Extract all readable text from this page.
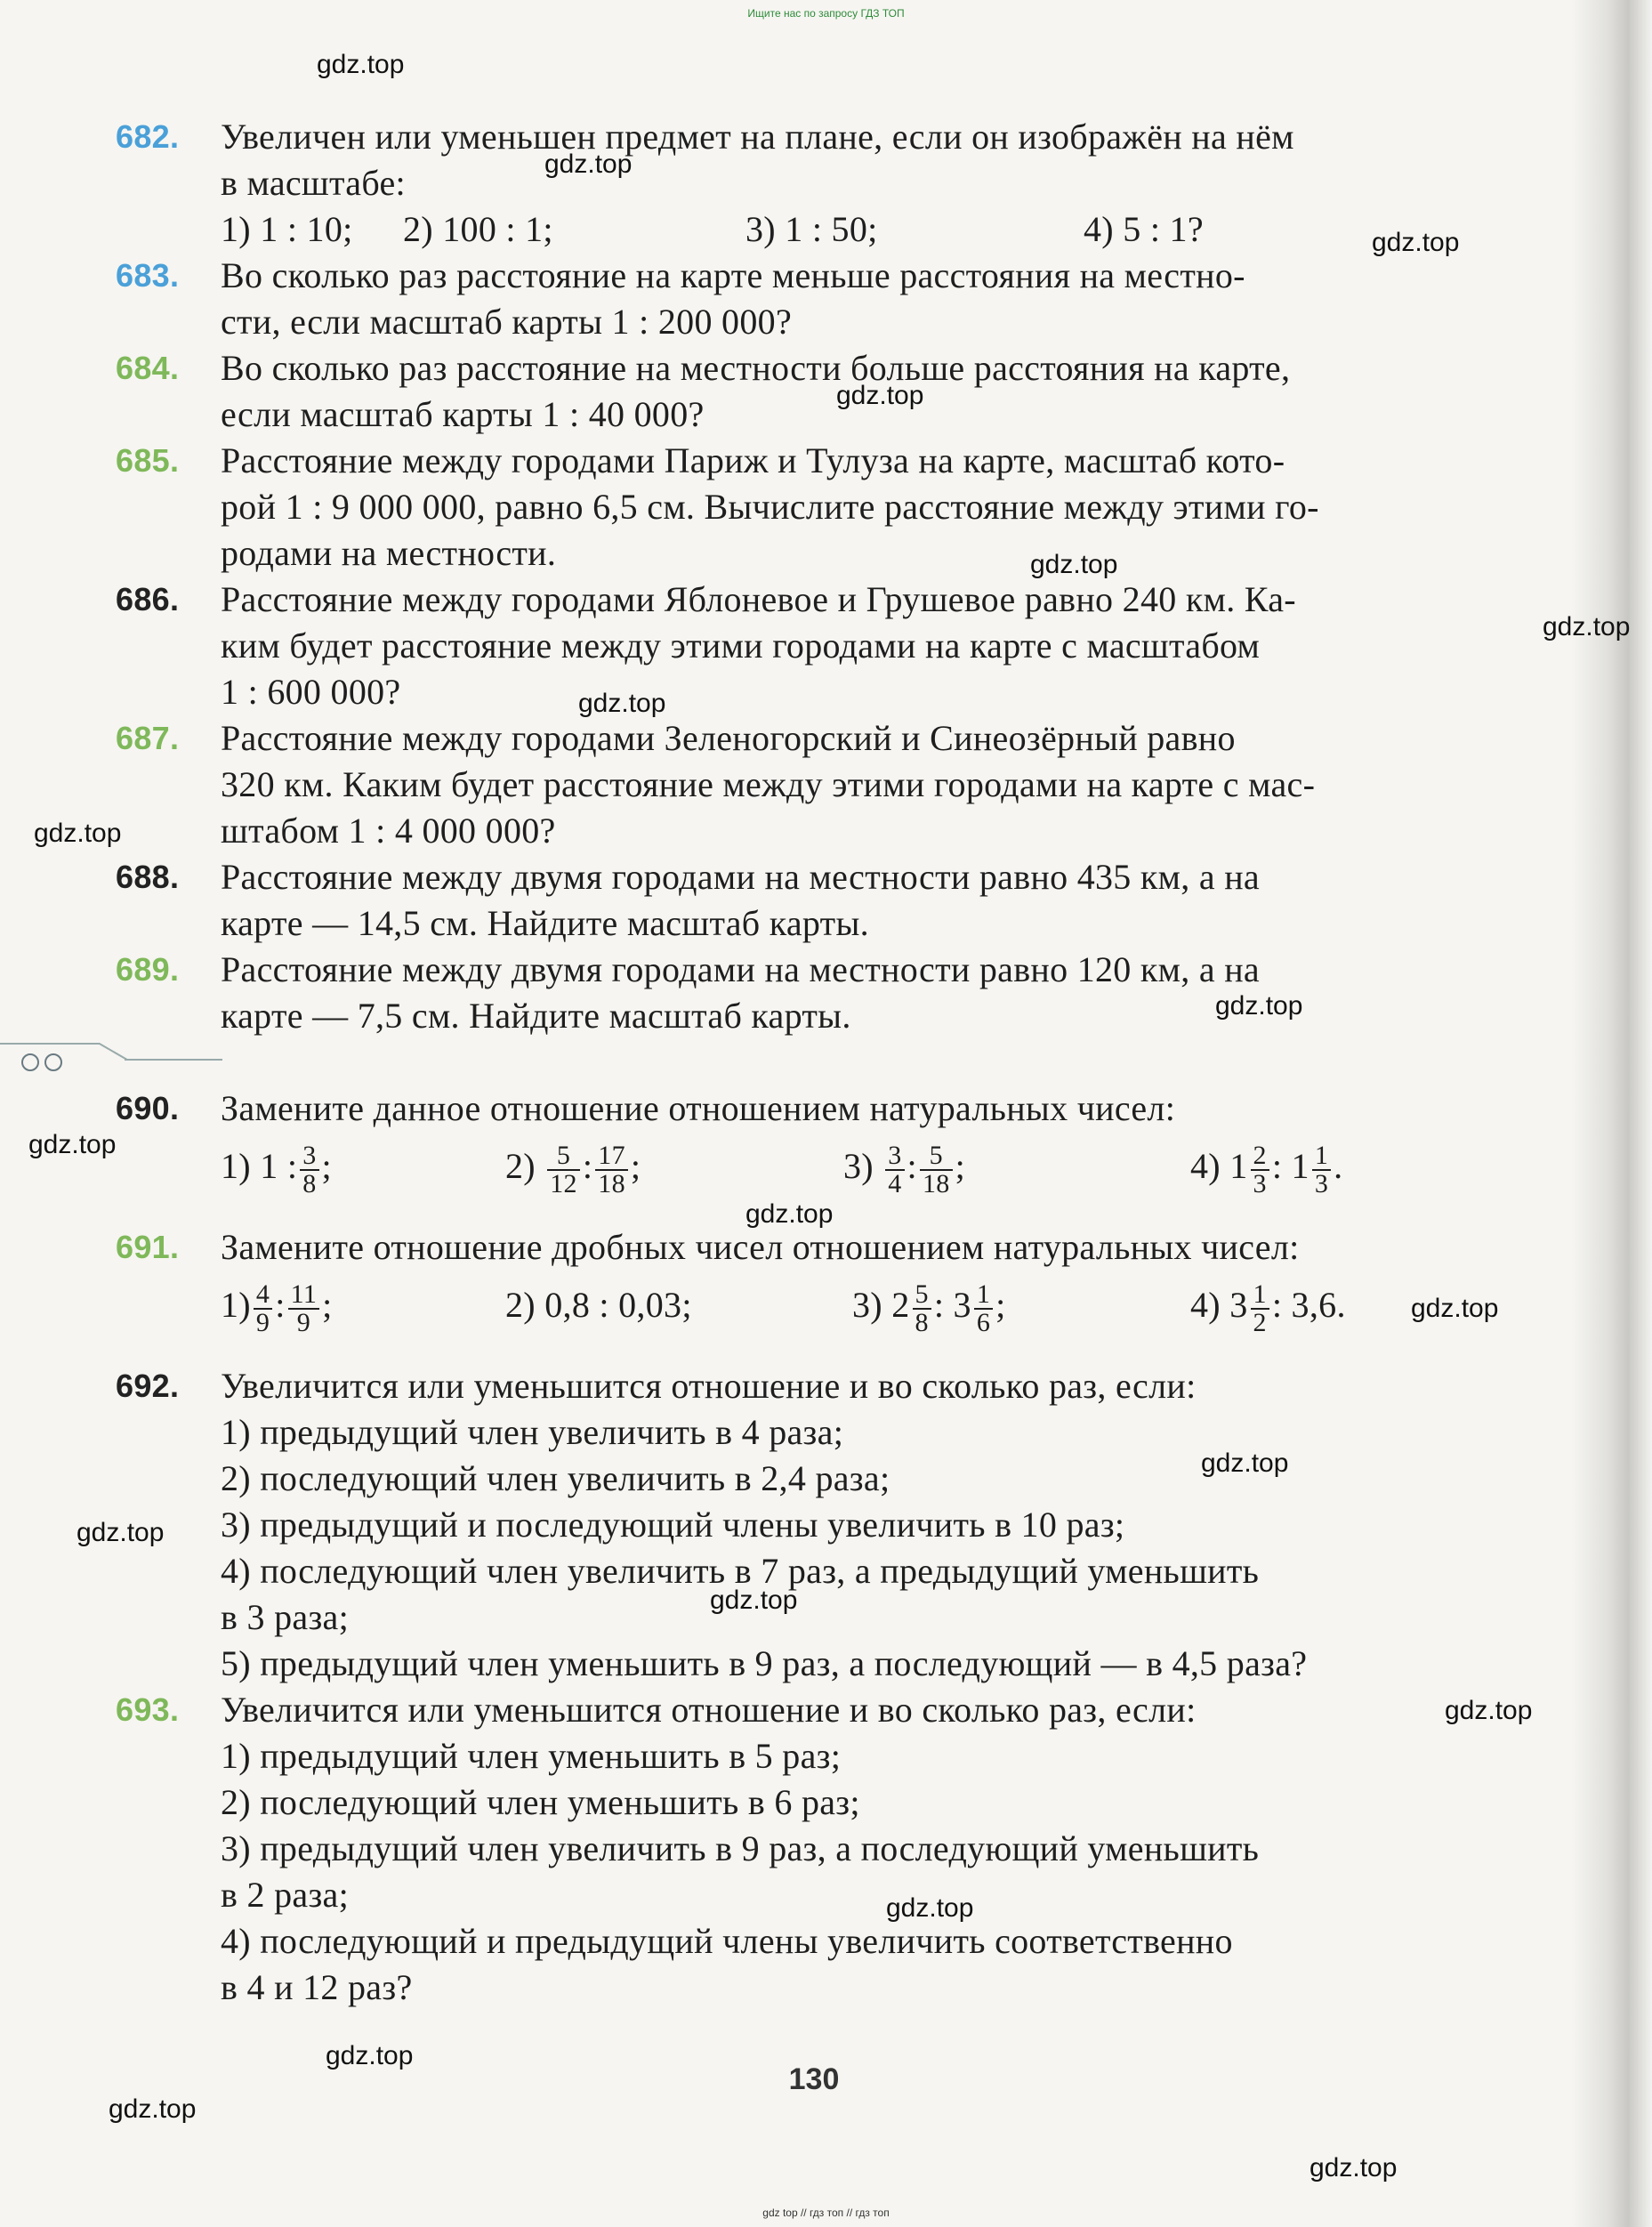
Ищите нас по запросу ГДЗ ТОП
gdz.top
gdz.top
gdz.top
gdz.top
gdz.top
gdz.top
gdz.top
gdz.top
gdz.top
gdz.top
gdz.top
gdz.top
gdz.top
gdz.top
gdz.top
gdz.top
gdz.top
gdz.top
gdz.top
gdz.top
682. Увеличен или уменьшен предмет на плане, если он изображён на нём
в масштабе:
1) 1 : 10; 2) 100 : 1;	3) 1 : 50;	4) 5 : 1?
683. Во сколько раз расстояние на карте меньше расстояния на местно-
сти, если масштаб карты 1 : 200 000?
684. Во сколько раз расстояние на местности больше расстояния на карте,
если масштаб карты 1 : 40 000?
685. Расстояние между городами Париж и Тулуза на карте, масштаб кото-
рой 1 : 9 000 000, равно 6,5 см. Вычислите расстояние между этими го-
родами на местности.
686. Расстояние между городами Яблоневое и Грушевое равно 240 км. Ка-
ким будет расстояние между этими городами на карте с масштабом
1 : 600 000?
687. Расстояние между городами Зеленогорский и Синеозёрный равно
320 км. Каким будет расстояние между этими городами на карте с мас-
штабом 1 : 4 000 000?
688. Расстояние между двумя городами на местности равно 435 км, а на
карте — 14,5 см. Найдите масштаб карты.
689. Расстояние между двумя городами на местности равно 120 км, а на
карте — 7,5 см. Найдите масштаб карты.
690. Замените данное отношение отношением натуральных чисел:
1) 1 : $\frac{3}{8}$ ;	$2) \frac{5}{12}$ : $\frac{17}{18}$ ;	$3) \frac{3}{4}$ : $\frac{5}{18}$ ;	4) $1 \frac{2}{3}$ : $1 \frac{1}{3}$ .
691. Замените отношение дробных чисел отношением натуральных чисел:
$1) \frac{4}{9}$ : $\frac{11}{9}$ ;	2) 0,8 : 0,03;	3) $2 \frac{5}{8}$ : $3 \frac{1}{6}$ ;	4) $3 \frac{1}{2}$ : 3,6.
692. Увеличится или уменьшится отношение и во сколько раз, если:
1) предыдущий член увеличить в 4 раза;
2) последующий член увеличить в 2,4 раза;
3) предыдущий и последующий члены увеличить в 10 раз;
4) последующий член увеличить в 7 раз, а предыдущий уменьшить
в 3 раза;
5) предыдущий член уменьшить в 9 раз, а последующий — в 4,5 раза?
693. Увеличится или уменьшится отношение и во сколько раз, если:
1) предыдущий член уменьшить в 5 раз;
2) последующий член уменьшить в 6 раз;
3) предыдущий член увеличить в 9 раз, а последующий уменьшить
в 2 раза;
4) последующий и предыдущий члены увеличить соответственно
в 4 и 12 раз?
130
gdz top // гдз топ // гдз топ
